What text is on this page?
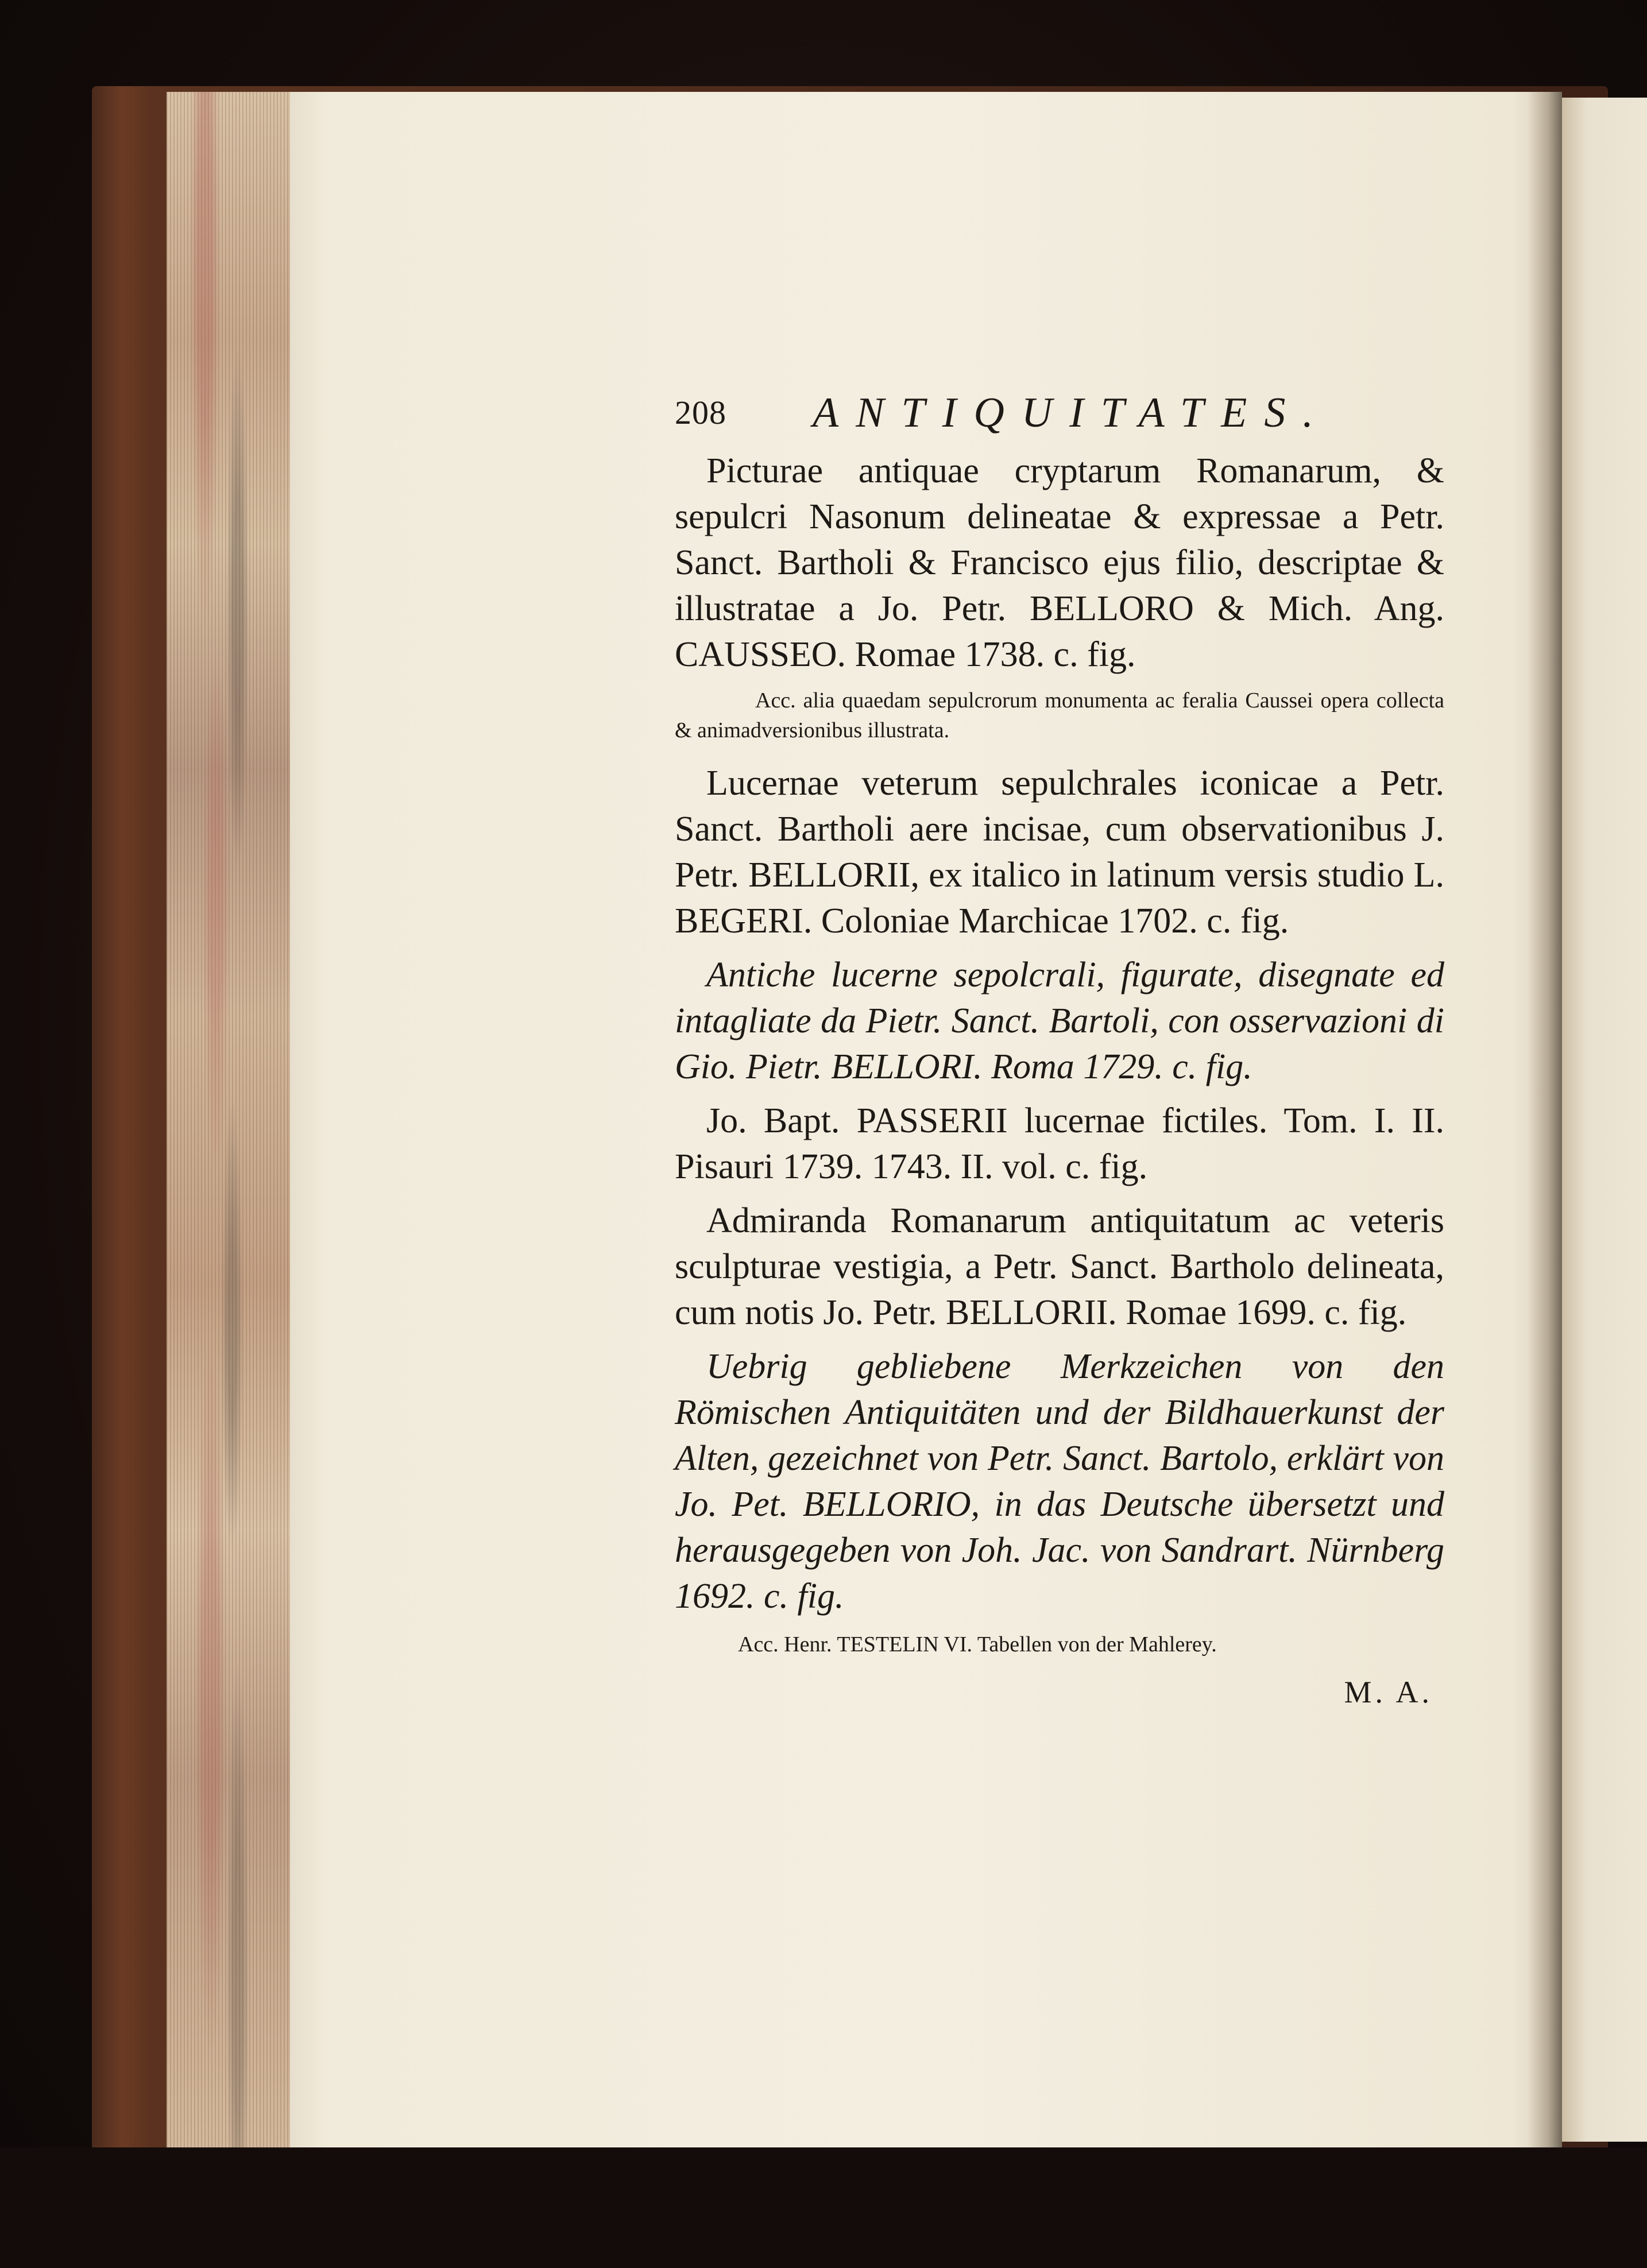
208 ANTIQUITATES.

Picturae antiquae cryptarum Romanarum, & sepulcri Nasonum delineatae & expressae a Petr. Sanct. Bartholi & Francisco ejus filio, descriptae & illustratae a Jo. Petr. BELLORO & Mich. Ang. CAUSSEO. Romae 1738. c. fig.

Acc. alia quaedam sepulcrorum monumenta ac feralia Caussei opera collecta & animadversionibus illustrata.

Lucernae veterum sepulchrales iconicae a Petr. Sanct. Bartholi aere incisae, cum observationibus J. Petr. BELLORII, ex italico in latinum versis studio L. BEGERI. Coloniae Marchicae 1702. c. fig.

Antiche lucerne sepolcrali, figurate, disegnate ed intagliate da Pietr. Sanct. Bartoli, con osservazioni di Gio. Pietr. BELLORI. Roma 1729. c. fig.

Jo. Bapt. PASSERII lucernae fictiles. Tom. I. II. Pisauri 1739. 1743. II. vol. c. fig.

Admiranda Romanarum antiquitatum ac veteris sculpturae vestigia, a Petr. Sanct. Bartholo delineata, cum notis Jo. Petr. BELLORII. Romae 1699. c. fig.

Uebrig gebliebene Merkzeichen von den Römischen Antiquitäten und der Bildhauerkunst der Alten, gezeichnet von Petr. Sanct. Bartolo, erklärt von Jo. Pet. BELLORIO, in das Deutsche übersetzt und herausgegeben von Joh. Jac. von Sandrart. Nürnberg 1692. c. fig.

Acc. Henr. TESTELIN VI. Tabellen von der Mahlerey.

M. A.
